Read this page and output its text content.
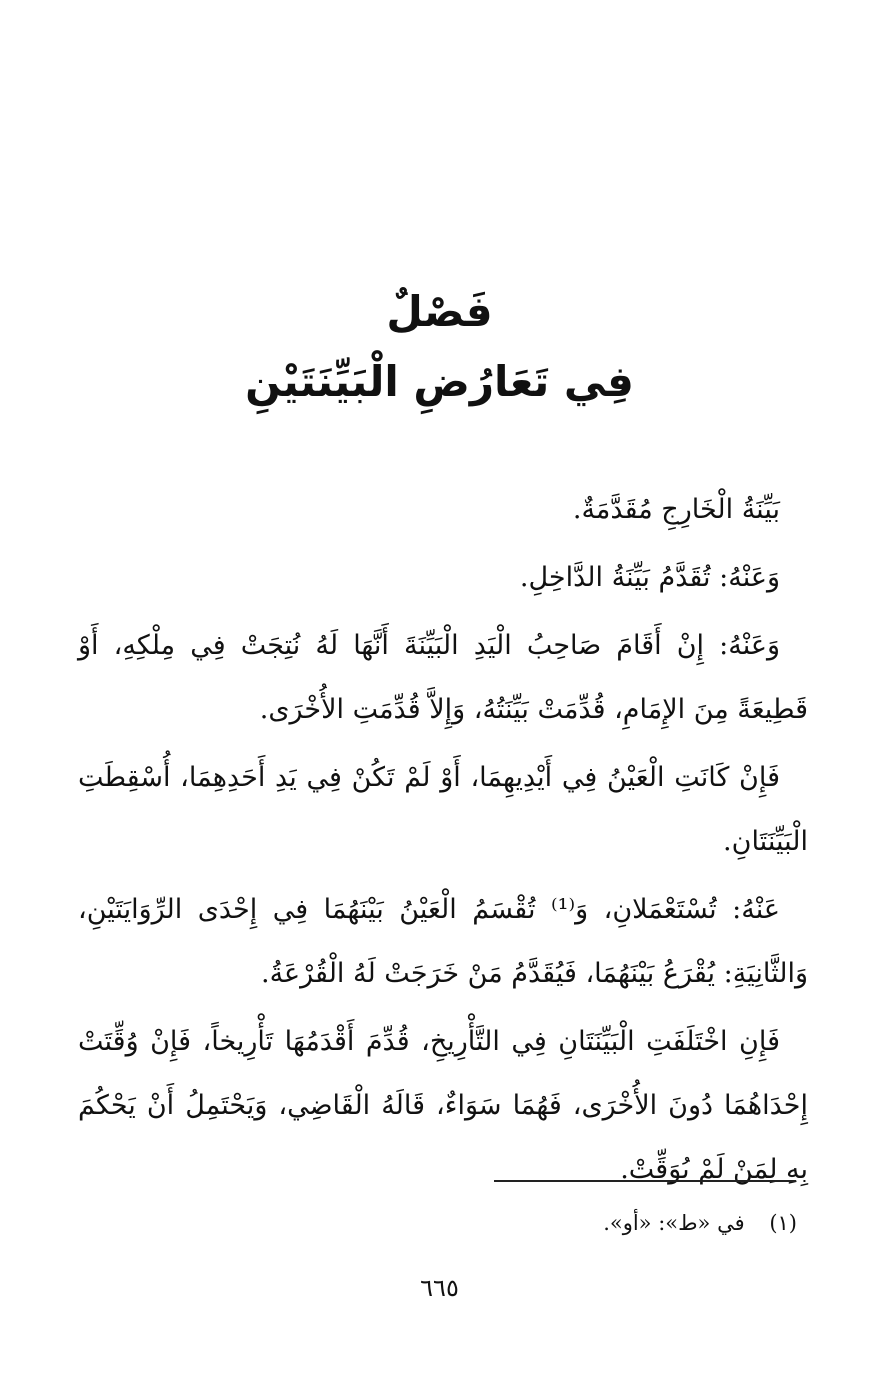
فَصْلٌ
فِي تَعَارُضِ الْبَيِّنَتَيْنِ

بَيِّنَةُ الْخَارِجِ مُقَدَّمَةٌ.

وَعَنْهُ: تُقَدَّمُ بَيِّنَةُ الدَّاخِلِ.

وَعَنْهُ: إِنْ أَقَامَ صَاحِبُ الْيَدِ الْبَيِّنَةَ أَنَّهَا لَهُ نُتِجَتْ فِي مِلْكِهِ، أَوْ قَطِيعَةً مِنَ الإِمَامِ، قُدِّمَتْ بَيِّنَتُهُ، وَإِلاَّ قُدِّمَتِ الأُخْرَى.

فَإِنْ كَانَتِ الْعَيْنُ فِي أَيْدِيهِمَا، أَوْ لَمْ تَكُنْ فِي يَدِ أَحَدِهِمَا، أُسْقِطَتِ الْبَيِّنَتَانِ.

عَنْهُ: تُسْتَعْمَلانِ، وَ⁽¹⁾ تُقْسَمُ الْعَيْنُ بَيْنَهُمَا فِي إِحْدَى الرِّوَايَتَيْنِ، وَالثَّانِيَةِ: يُقْرَعُ بَيْنَهُمَا، فَيُقَدَّمُ مَنْ خَرَجَتْ لَهُ الْقُرْعَةُ.

فَإِنِ اخْتَلَفَتِ الْبَيِّنَتَانِ فِي التَّأْرِيخِ، قُدِّمَ أَقْدَمُهَا تَأْرِيخاً، فَإِنْ وُقِّتَتْ إِحْدَاهُمَا دُونَ الأُخْرَى، فَهُمَا سَوَاءٌ، قَالَهُ الْقَاضِي، وَيَحْتَمِلُ أَنْ يَحْكُمَ بِهِ لِمَنْ لَمْ يُوَقِّتْ.

(١) في «ط»: «أو».
٦٦٥
